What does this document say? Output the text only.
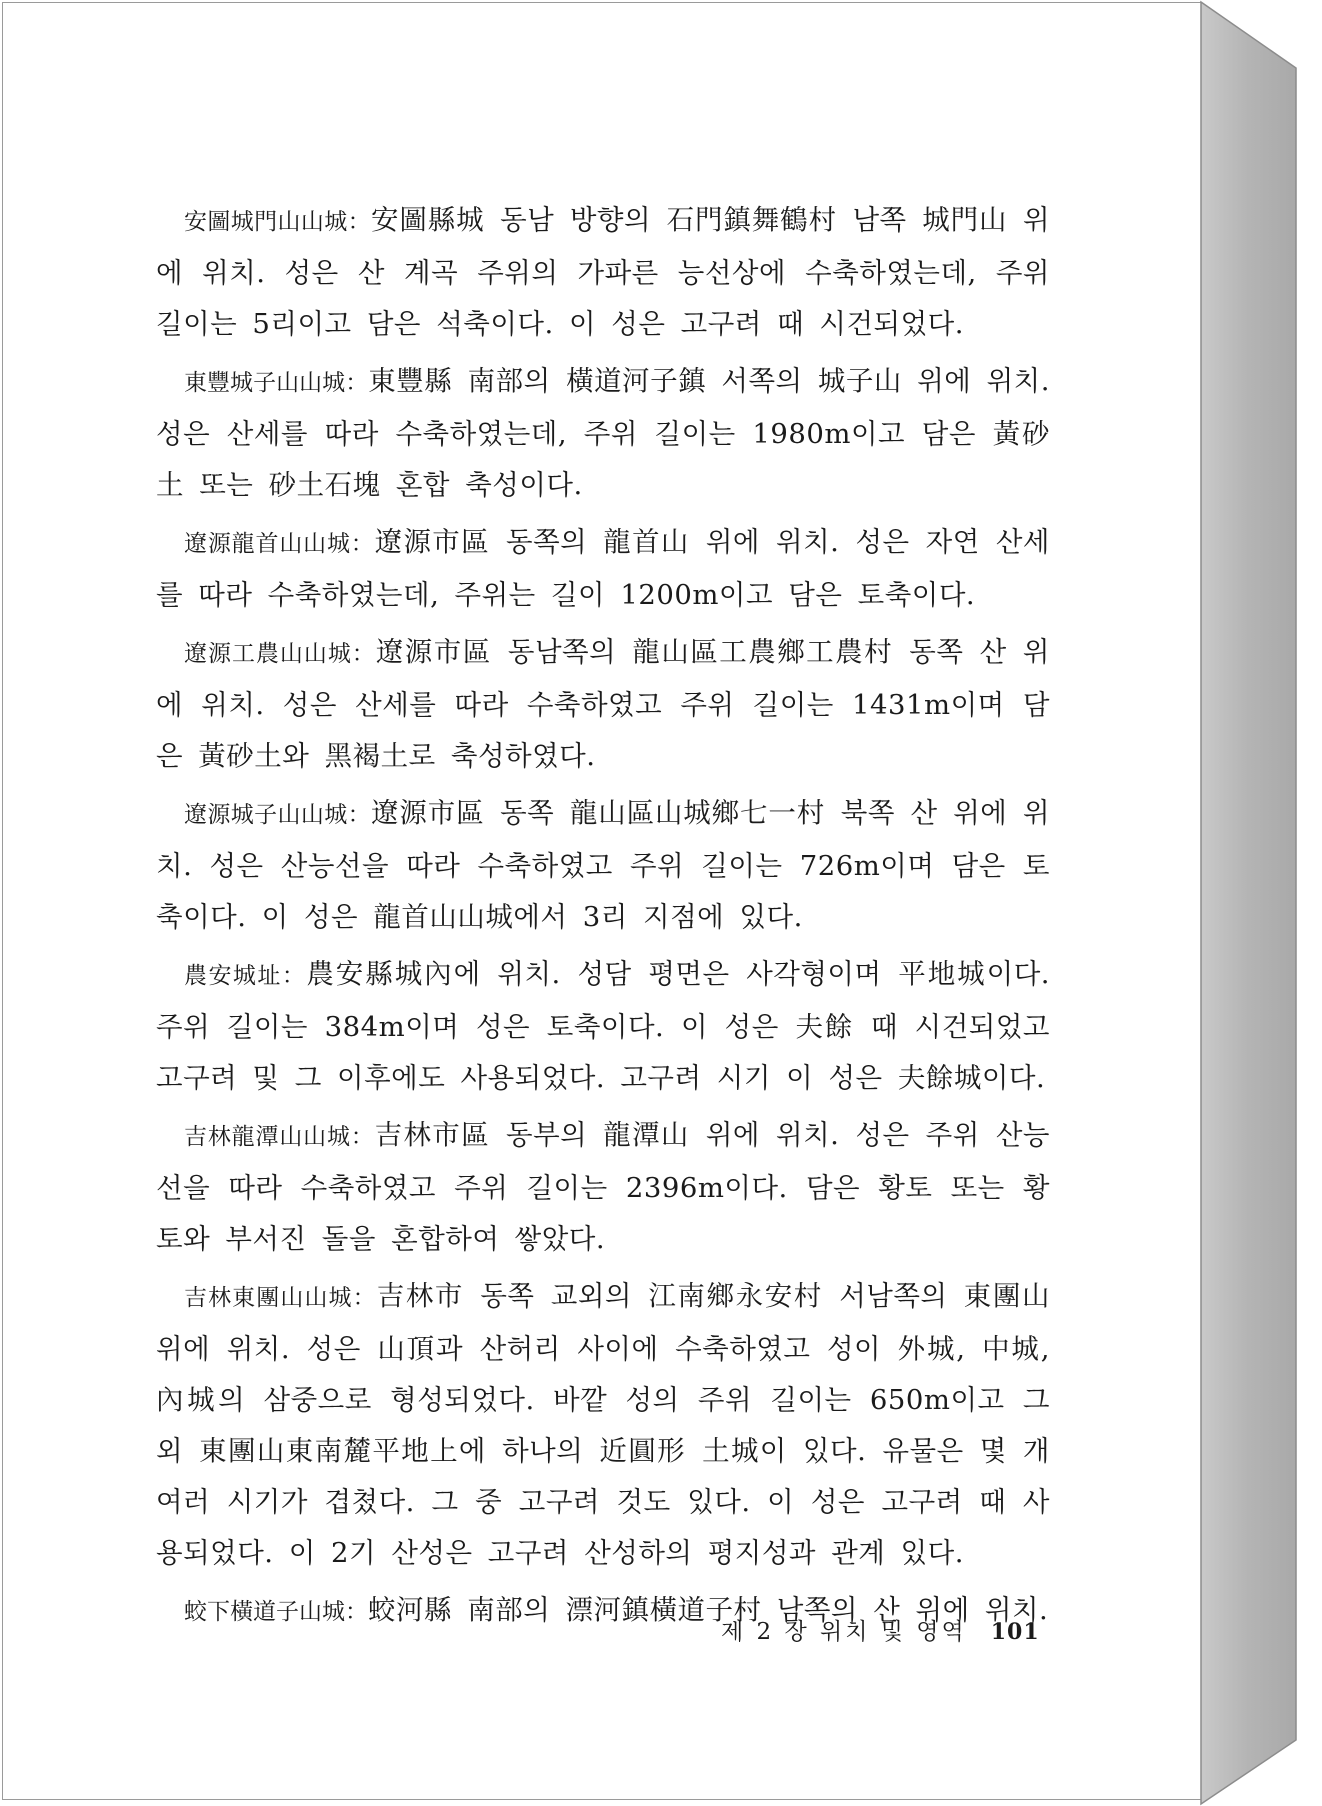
安圖城門山山城：安圖縣城 동남 방향의 石門鎮舞鶴村 남쪽 城門山 위에 위치. 성은 산 계곡 주위의 가파른 능선상에 수축하였는데, 주위 길이는 5리이고 담은 석축이다. 이 성은 고구려 때 시건되었다.

東豐城子山山城：東豐縣 南部의 橫道河子鎮 서쪽의 城子山 위에 위치. 성은 산세를 따라 수축하였는데, 주위 길이는 1980m이고 담은 黃砂土 또는 砂土石塊 혼합 축성이다.

遼源龍首山山城：遼源市區 동쪽의 龍首山 위에 위치. 성은 자연 산세를 따라 수축하였는데, 주위는 길이 1200m이고 담은 토축이다.

遼源工農山山城：遼源市區 동남쪽의 龍山區工農鄉工農村 동쪽 산 위에 위치. 성은 산세를 따라 수축하였고 주위 길이는 1431m이며 담은 黃砂土와 黑褐土로 축성하였다.

遼源城子山山城：遼源市區 동쪽 龍山區山城鄉七一村 북쪽 산 위에 위치. 성은 산능선을 따라 수축하였고 주위 길이는 726m이며 담은 토축이다. 이 성은 龍首山山城에서 3리 지점에 있다.

農安城址：農安縣城內에 위치. 성담 평면은 사각형이며 平地城이다. 주위 길이는 384m이며 성은 토축이다. 이 성은 夫餘 때 시건되었고 고구려 및 그 이후에도 사용되었다. 고구려 시기 이 성은 夫餘城이다.

吉林龍潭山山城：吉林市區 동부의 龍潭山 위에 위치. 성은 주위 산능선을 따라 수축하였고 주위 길이는 2396m이다. 담은 황토 또는 황토와 부서진 돌을 혼합하여 쌓았다.

吉林東團山山城：吉林市 동쪽 교외의 江南鄉永安村 서남쪽의 東團山 위에 위치. 성은 山頂과 산허리 사이에 수축하였고 성이 外城, 中城, 內城의 삼중으로 형성되었다. 바깥 성의 주위 길이는 650m이고 그 외 東團山東南麓平地上에 하나의 近圓形 土城이 있다. 유물은 몇 개 여러 시기가 겹쳤다. 그 중 고구려 것도 있다. 이 성은 고구려 때 사용되었다. 이 2기 산성은 고구려 산성하의 평지성과 관계 있다.

蛟下橫道子山城：蛟河縣 南部의 漂河鎮橫道子村 남쪽의 산 위에 위치.

제 2 장 위치 및 영역 101
